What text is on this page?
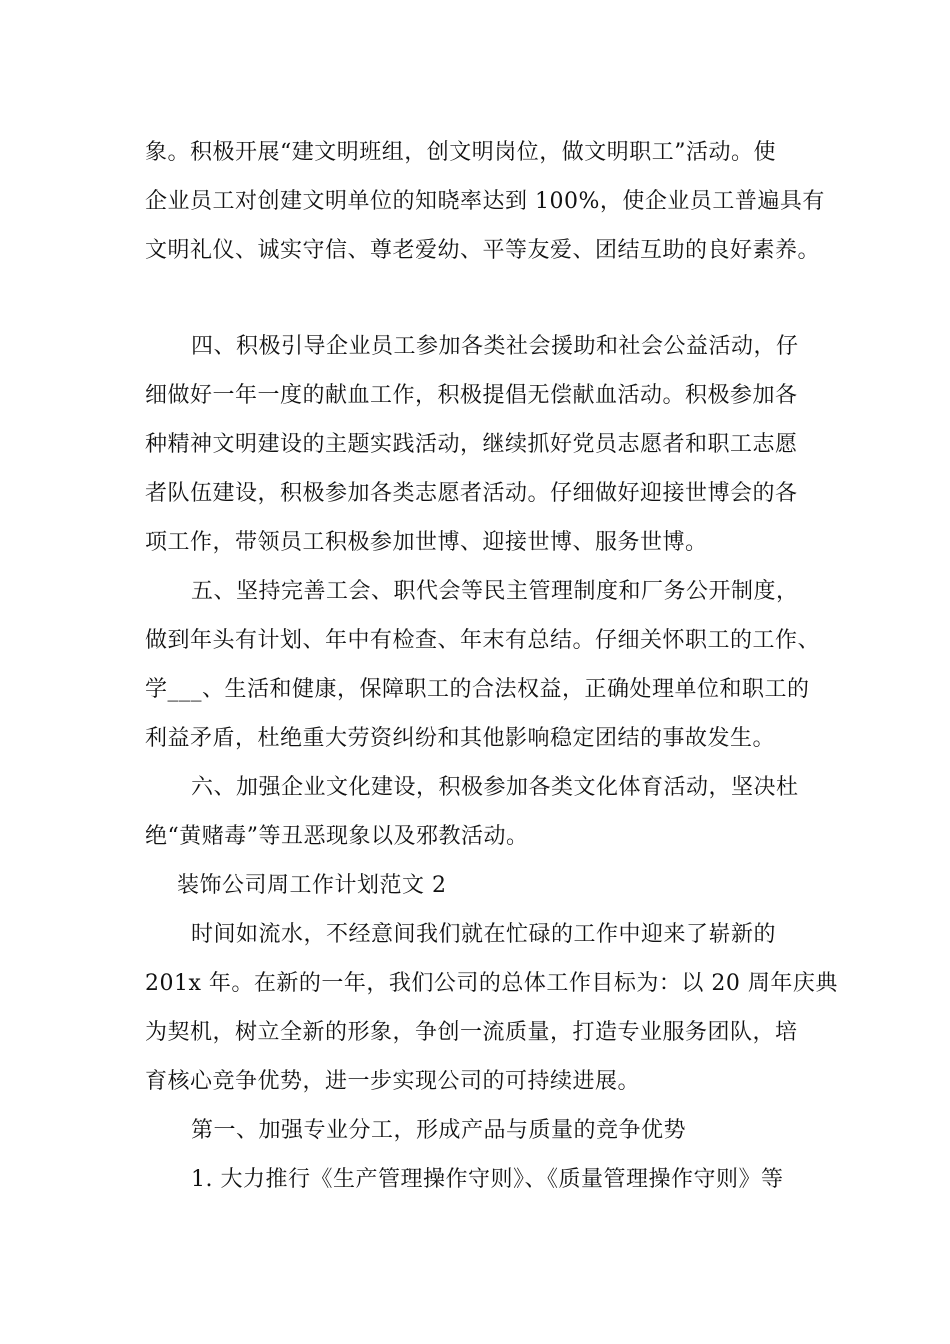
象。积极开展“建文明班组，创文明岗位，做文明职工”活动。使
企业员工对创建文明单位的知晓率达到 100%，使企业员工普遍具有
文明礼仪、诚实守信、尊老爱幼、平等友爱、团结互助的良好素养。
四、积极引导企业员工参加各类社会援助和社会公益活动，仔
细做好一年一度的献血工作，积极提倡无偿献血活动。积极参加各
种精神文明建设的主题实践活动，继续抓好党员志愿者和职工志愿
者队伍建设，积极参加各类志愿者活动。仔细做好迎接世博会的各
项工作，带领员工积极参加世博、迎接世博、服务世博。
五、坚持完善工会、职代会等民主管理制度和厂务公开制度，
做到年头有计划、年中有检查、年末有总结。仔细关怀职工的工作、
学___、生活和健康，保障职工的合法权益，正确处理单位和职工的
利益矛盾，杜绝重大劳资纠纷和其他影响稳定团结的事故发生。
六、加强企业文化建设，积极参加各类文化体育活动，坚决杜
绝“黄赌毒”等丑恶现象以及邪教活动。
装饰公司周工作计划范文 2
时间如流水，不经意间我们就在忙碌的工作中迎来了崭新的
201x 年。在新的一年，我们公司的总体工作目标为：以 20 周年庆典
为契机，树立全新的形象，争创一流质量，打造专业服务团队，培
育核心竞争优势，进一步实现公司的可持续进展。
第一、加强专业分工，形成产品与质量的竞争优势
1. 大力推行《生产管理操作守则》、《质量管理操作守则》等
